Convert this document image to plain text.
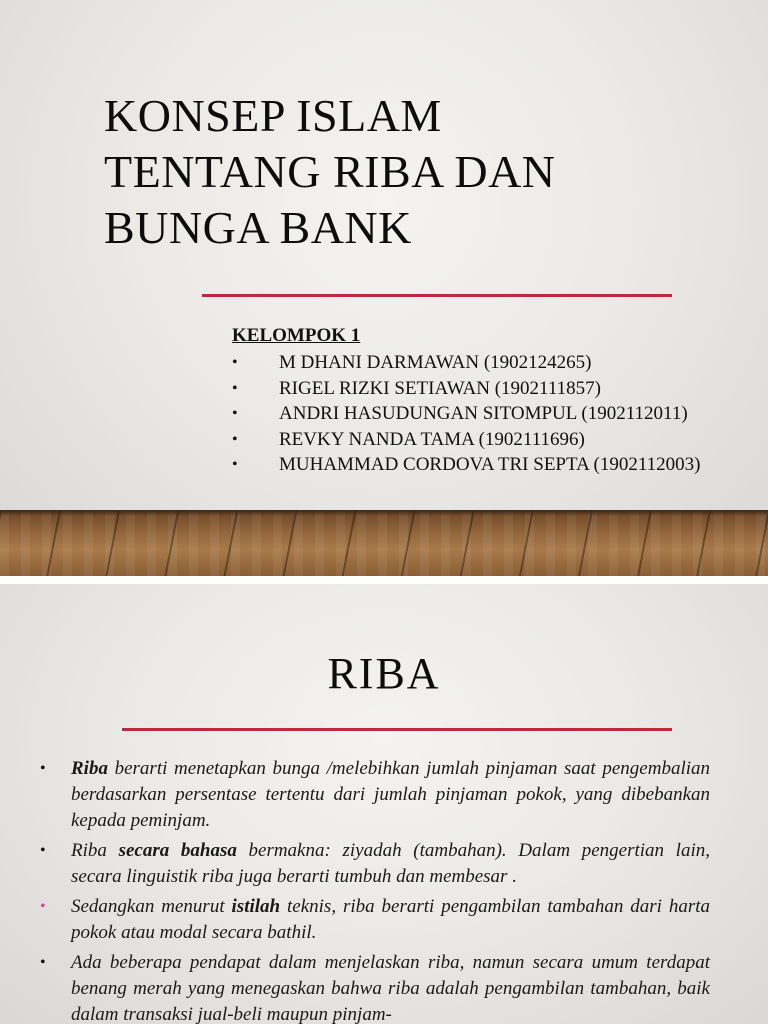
KONSEP ISLAM
TENTANG RIBA DAN
BUNGA BANK

KELOMPOK 1

•	M DHANI DARMAWAN (1902124265)
•	RIGEL RIZKI SETIAWAN (1902111857)
•	ANDRI HASUDUNGAN SITOMPUL (1902112011)
•	REVKY NANDA TAMA (1902111696)
•	MUHAMMAD CORDOVA TRI SEPTA (1902112003)
RIBA
•	Riba berarti menetapkan bunga /melebihkan jumlah pinjaman saat pengembalian berdasarkan persentase tertentu dari jumlah pinjaman pokok, yang dibebankan kepada peminjam.
•	Riba secara bahasa bermakna: ziyadah (tambahan). Dalam pengertian lain, secara linguistik riba juga berarti tumbuh dan membesar .
•	Sedangkan menurut istilah teknis, riba berarti pengambilan tambahan dari harta pokok atau modal secara bathil.
•	Ada beberapa pendapat dalam menjelaskan riba, namun secara umum terdapat benang merah yang menegaskan bahwa riba adalah pengambilan tambahan, baik dalam transaksi jual-beli maupun pinjam-
